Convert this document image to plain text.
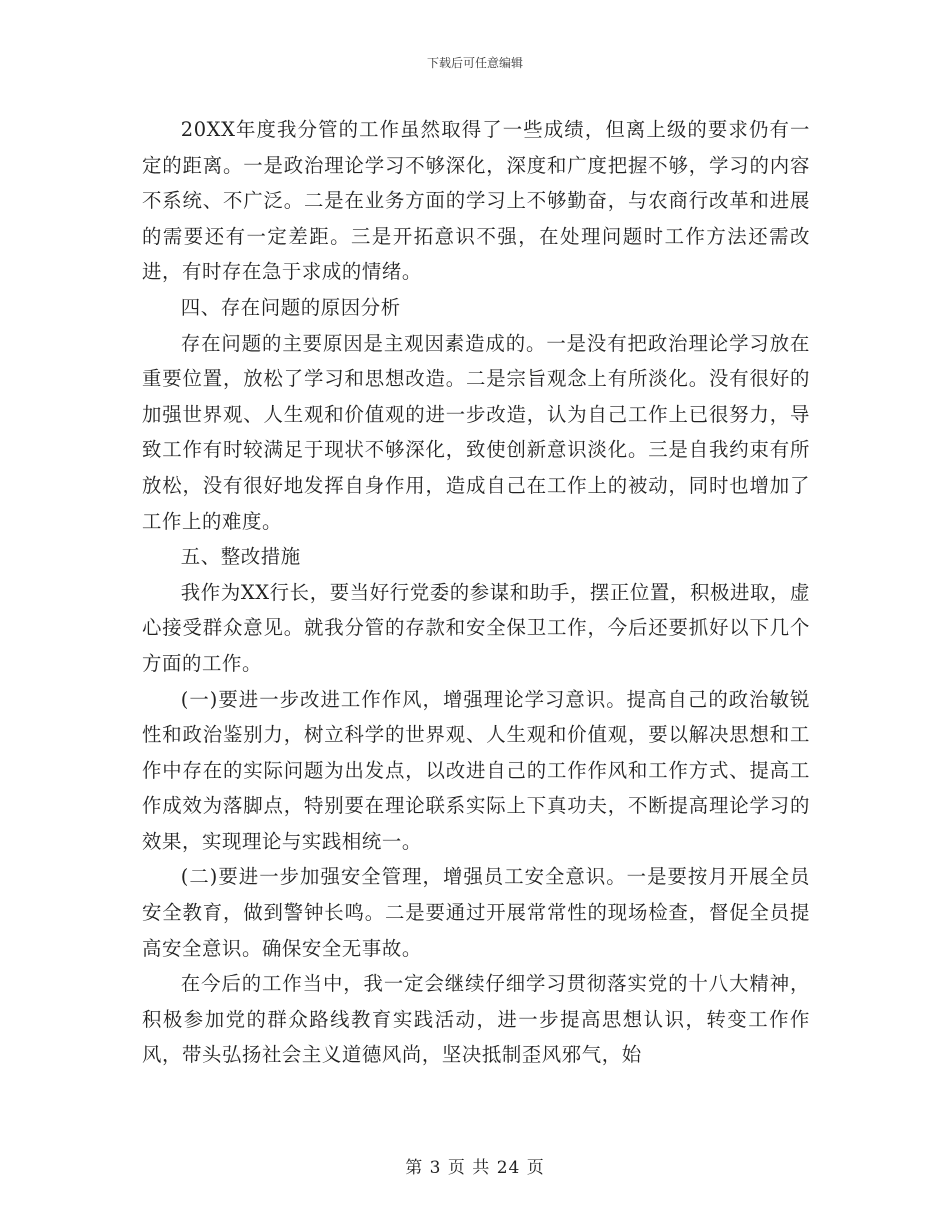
下载后可任意编辑

20XX年度我分管的工作虽然取得了一些成绩，但离上级的要求仍有一定的距离。一是政治理论学习不够深化，深度和广度把握不够，学习的内容不系统、不广泛。二是在业务方面的学习上不够勤奋，与农商行改革和进展的需要还有一定差距。三是开拓意识不强，在处理问题时工作方法还需改进，有时存在急于求成的情绪。

四、存在问题的原因分析

存在问题的主要原因是主观因素造成的。一是没有把政治理论学习放在重要位置，放松了学习和思想改造。二是宗旨观念上有所淡化。没有很好的加强世界观、人生观和价值观的进一步改造，认为自己工作上已很努力，导致工作有时较满足于现状不够深化，致使创新意识淡化。三是自我约束有所放松，没有很好地发挥自身作用，造成自己在工作上的被动，同时也增加了工作上的难度。

五、整改措施

我作为XX行长，要当好行党委的参谋和助手，摆正位置，积极进取，虚心接受群众意见。就我分管的存款和安全保卫工作，今后还要抓好以下几个方面的工作。

(一)要进一步改进工作作风，增强理论学习意识。提高自己的政治敏锐性和政治鉴别力，树立科学的世界观、人生观和价值观，要以解决思想和工作中存在的实际问题为出发点，以改进自己的工作作风和工作方式、提高工作成效为落脚点，特别要在理论联系实际上下真功夫，不断提高理论学习的效果，实现理论与实践相统一。

(二)要进一步加强安全管理，增强员工安全意识。一是要按月开展全员安全教育，做到警钟长鸣。二是要通过开展常常性的现场检查，督促全员提高安全意识。确保安全无事故。

在今后的工作当中，我一定会继续仔细学习贯彻落实党的十八大精神，积极参加党的群众路线教育实践活动，进一步提高思想认识，转变工作作风，带头弘扬社会主义道德风尚，坚决抵制歪风邪气，始

第 3 页 共 24 页
